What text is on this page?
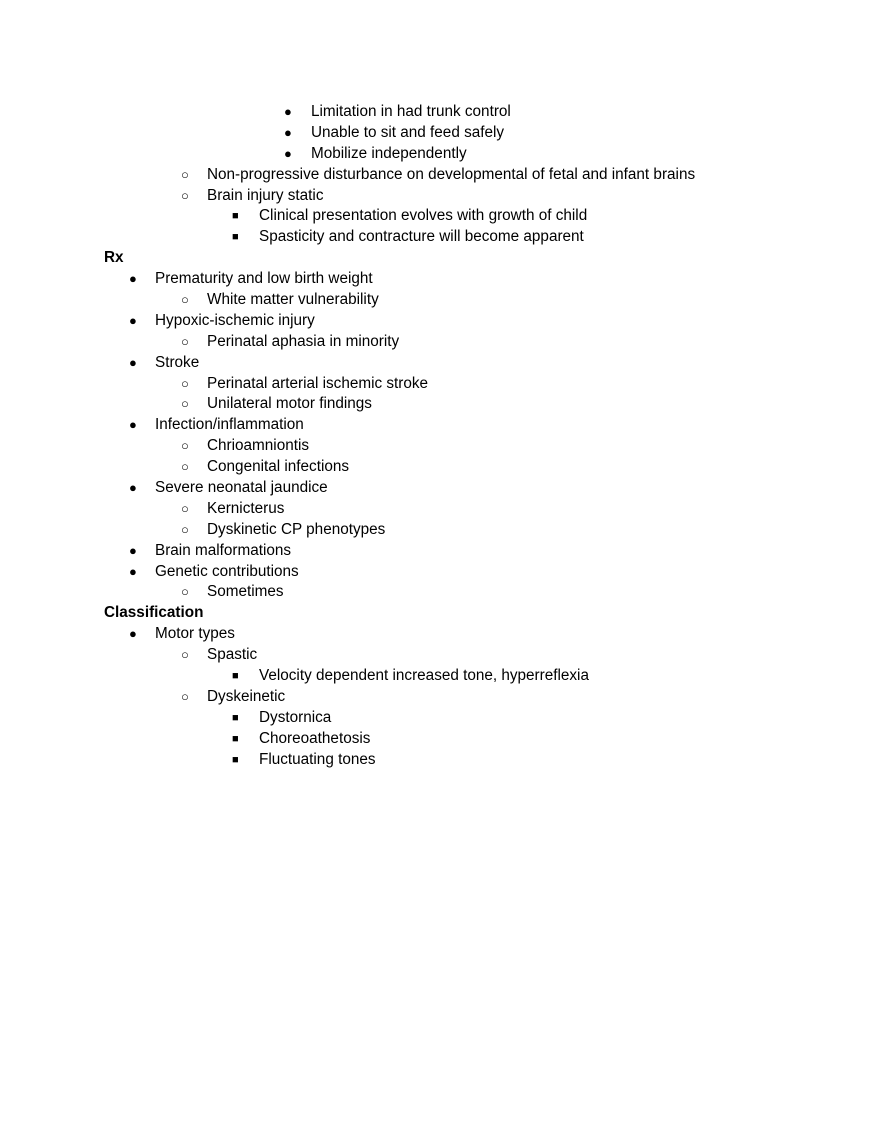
● Limitation in had trunk control
● Unable to sit and feed safely
● Mobilize independently
○ Non-progressive disturbance on developmental of fetal and infant brains
○ Brain injury static
■ Clinical presentation evolves with growth of child
■ Spasticity and contracture will become apparent
Rx
● Prematurity and low birth weight
○ White matter vulnerability
● Hypoxic-ischemic injury
○ Perinatal aphasia in minority
● Stroke
○ Perinatal arterial ischemic stroke
○ Unilateral motor findings
● Infection/inflammation
○ Chrioamniontis
○ Congenital infections
● Severe neonatal jaundice
○ Kernicterus
○ Dyskinetic CP phenotypes
● Brain malformations
● Genetic contributions
○ Sometimes
Classification
● Motor types
○ Spastic
■ Velocity dependent increased tone, hyperreflexia
○ Dyskeinetic
■ Dystornica
■ Choreoathetosis
■ Fluctuating tones
